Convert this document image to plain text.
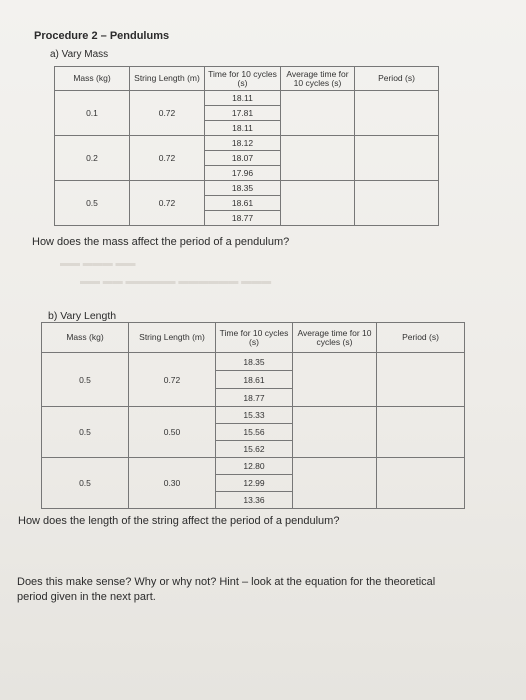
Procedure 2 – Pendulums
a) Vary Mass
Mass (kg)	String Length (m)	Time for 10 cycles (s)	Average time for 10 cycles (s)	Period (s)
0.1	0.72	18.11		
		17.81		
		18.11		
0.2	0.72	18.12		
		18.07		
		17.96		
0.5	0.72	18.35		
		18.61		
		18.77		
How does the mass affect the period of a pendulum?
▬▬ ▬▬▬ ▬▬
▬▬ ▬▬ ▬▬▬▬▬ ▬▬▬▬▬▬ ▬▬▬
b) Vary Length
Mass (kg)	String Length (m)	Time for 10 cycles (s)	Average time for 10 cycles (s)	Period (s)
0.5	0.72	18.35		
		18.61		
		18.77		
0.5	0.50	15.33		
		15.56		
		15.62		
0.5	0.30	12.80		
		12.99		
		13.36		
How does the length of the string affect the period of a pendulum?
Does this make sense? Why or why not? Hint – look at the equation for the theoretical period given in the next part.
